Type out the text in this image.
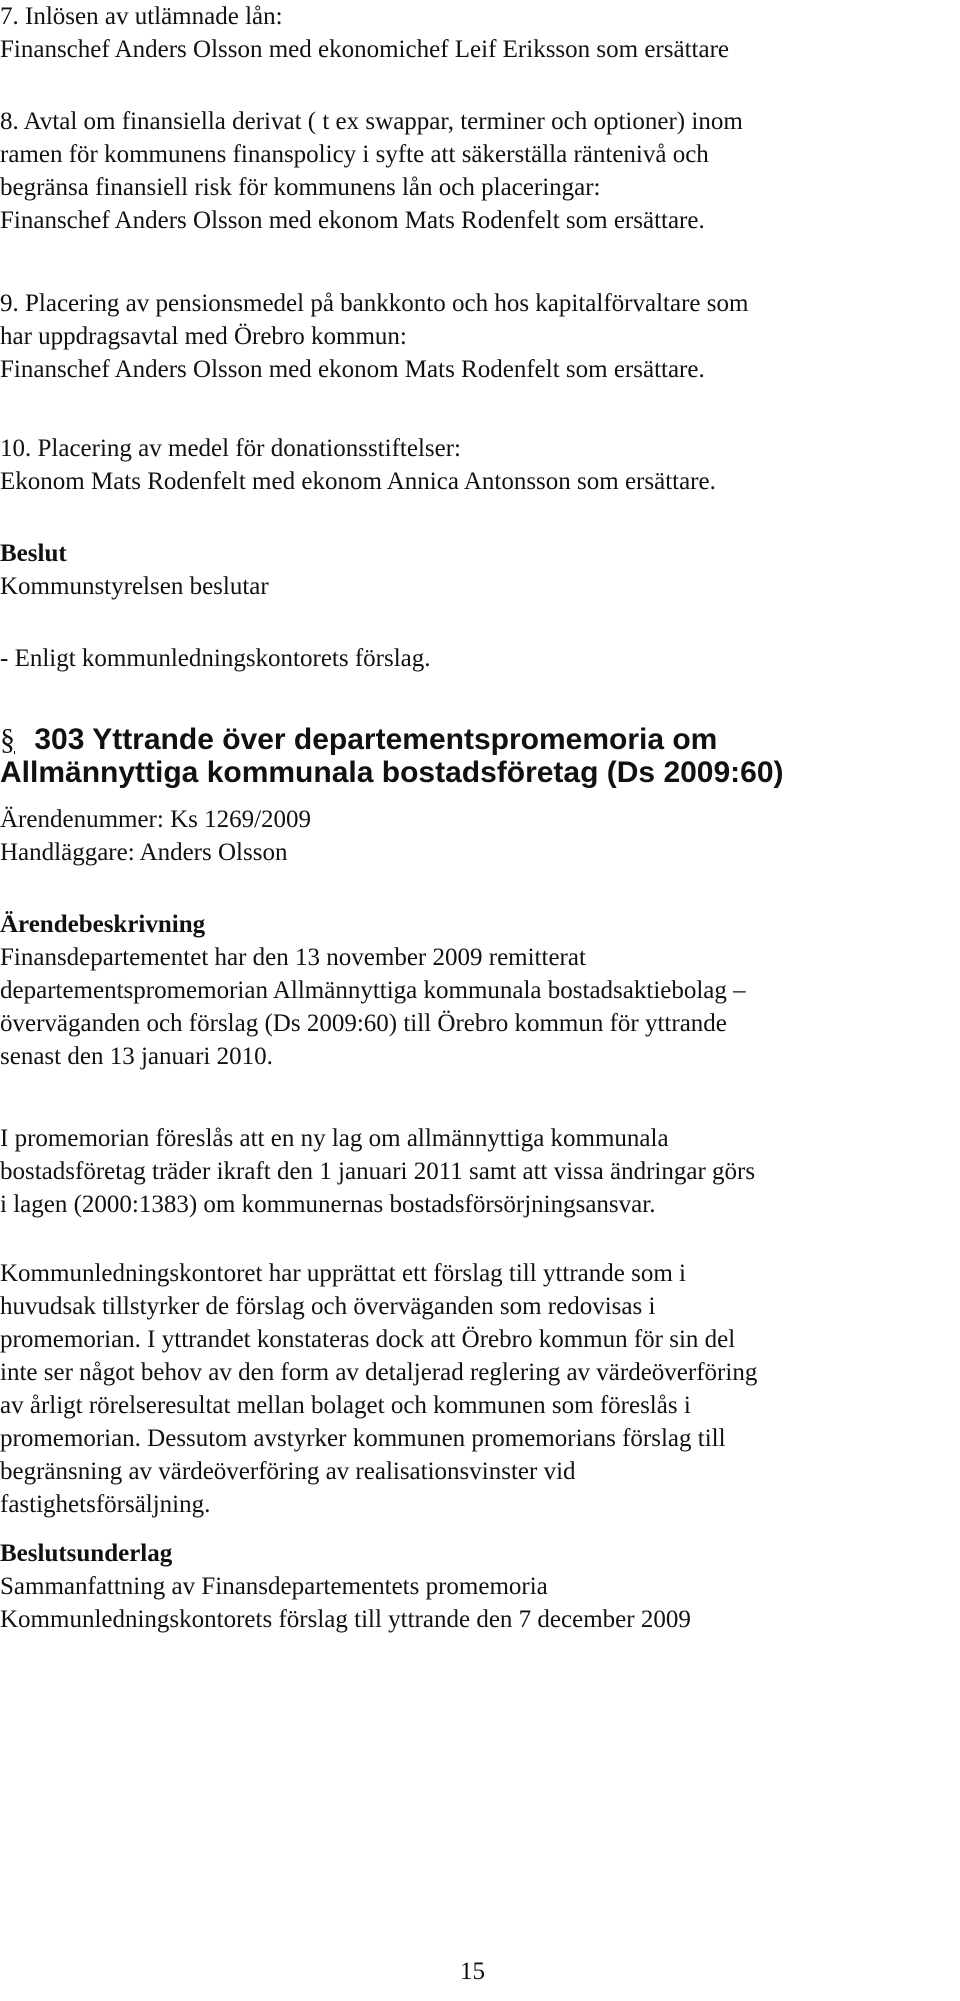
7. Inlösen av utlämnade lån:
Finanschef Anders Olsson med ekonomichef Leif Eriksson som ersättare
8. Avtal om finansiella derivat ( t ex swappar, terminer och optioner) inom
ramen för kommunens finanspolicy i syfte att säkerställa räntenivå och
begränsa finansiell risk för kommunens lån och placeringar:
Finanschef Anders Olsson med ekonom Mats Rodenfelt som ersättare.
9. Placering av pensionsmedel på bankkonto och hos kapitalförvaltare som
har uppdragsavtal med Örebro kommun:
Finanschef Anders Olsson med ekonom Mats Rodenfelt som ersättare.
10. Placering av medel för donationsstiftelser:
Ekonom Mats Rodenfelt med ekonom Annica Antonsson som ersättare.
Beslut
Kommunstyrelsen beslutar
- Enligt kommunledningskontorets förslag.
§ 303 Yttrande över departementspromemoria om
Allmännyttiga kommunala bostadsföretag (Ds 2009:60)
Ärendenummer: Ks 1269/2009
Handläggare: Anders Olsson
Ärendebeskrivning
Finansdepartementet har den 13 november 2009 remitterat
departementspromemorian Allmännyttiga kommunala bostadsaktiebolag –
överväganden och förslag (Ds 2009:60) till Örebro kommun för yttrande
senast den 13 januari 2010.
I promemorian föreslås att en ny lag om allmännyttiga kommunala
bostadsföretag träder ikraft den 1 januari 2011 samt att vissa ändringar görs
i lagen (2000:1383) om kommunernas bostadsförsörjningsansvar.
Kommunledningskontoret har upprättat ett förslag till yttrande som i
huvudsak tillstyrker de förslag och överväganden som redovisas i
promemorian. I yttrandet konstateras dock att Örebro kommun för sin del
inte ser något behov av den form av detaljerad reglering av värdeöverföring
av årligt rörelseresultat mellan bolaget och kommunen som föreslås i
promemorian. Dessutom avstyrker kommunen promemorians förslag till
begränsning av värdeöverföring av realisationsvinster vid
fastighetsförsäljning.
Beslutsunderlag
Sammanfattning av Finansdepartementets promemoria
Kommunledningskontorets förslag till yttrande den 7 december 2009
15
